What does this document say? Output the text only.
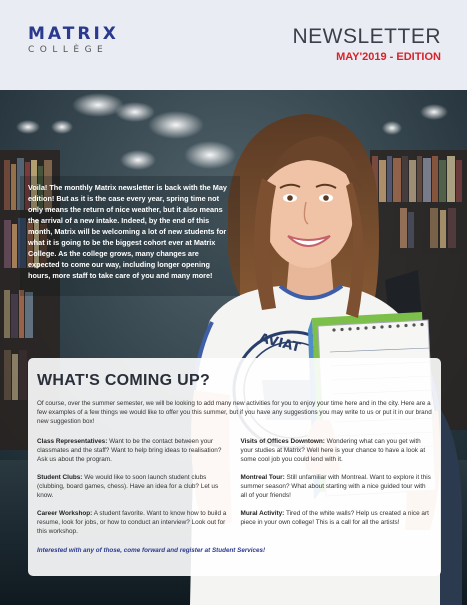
MATRIX
COLLÈGE
NEWSLETTER
MAY'2019 - EDITION
AVIAT
Voila! The monthly Matrix newsletter is back with the May edition! But as it is the case every year, spring time not only means the return of nice weather, but it also means the arrival of a new intake. Indeed, by the end of this month, Matrix will be welcoming a lot of new students for what it is going to be the biggest cohort ever at Matrix College. As the college grows, many changes are expected to come our way, including longer opening hours, more staff to take care of you and many more!
WHAT'S COMING UP?
Of course, over the summer semester, we will be looking to add many new activities for you to enjoy your time here and in the city. Here are a few examples of a few things we would like to offer you this summer, but if you have any suggestions you may write to us or put it in our brand new suggestion box!
Class Representatives: Want to be the contact between your classmates and the staff? Want to help bring ideas to realisation? Ask us about the program.
Student Clubs: We would like to soon launch student clubs (clubbing, board games, chess). Have an idea for a club? Let us know.
Career Workshop: A student favorite. Want to know how to build a resume, look for jobs, or how to conduct an interview? Look out for this workshop.
Visits of Offices Downtown: Wondering what can you get with your studies at Matrix? Well here is your chance to have a look at some cool job you could lend with it.
Montreal Tour: Still unfamiliar with Montreal. Want to explore it this summer season? What about starting with a nice guided tour with all of your friends!
Mural Activity: Tired of the white walls? Help us created a nice art piece in your own college! This is a call for all the artists!
Interested with any of those, come forward and register at Student Services!
